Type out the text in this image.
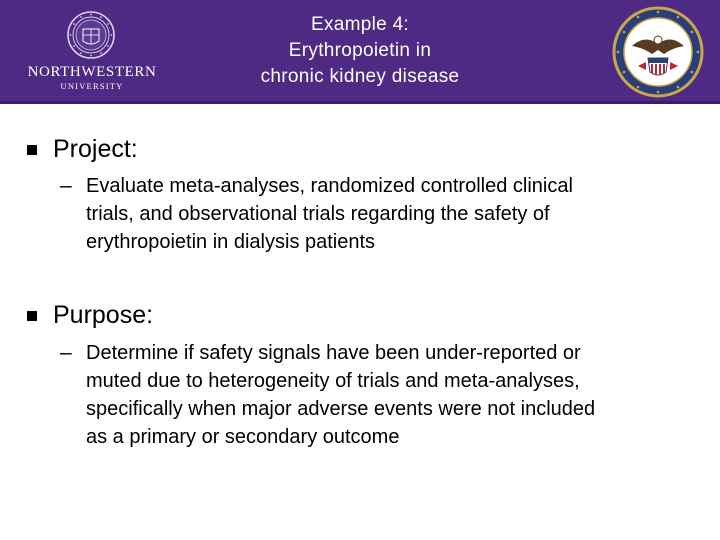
NORTHWESTERN
UNIVERSITY
Example 4:
Erythropoietin in
chronic kidney disease
Project:
– Evaluate meta-analyses, randomized controlled clinical
trials, and observational trials regarding the safety of
erythropoietin in dialysis patients
Purpose:
– Determine if safety signals have been under-reported or
muted due to heterogeneity of trials and meta-analyses,
specifically when major adverse events were not included
as a primary or secondary outcome
